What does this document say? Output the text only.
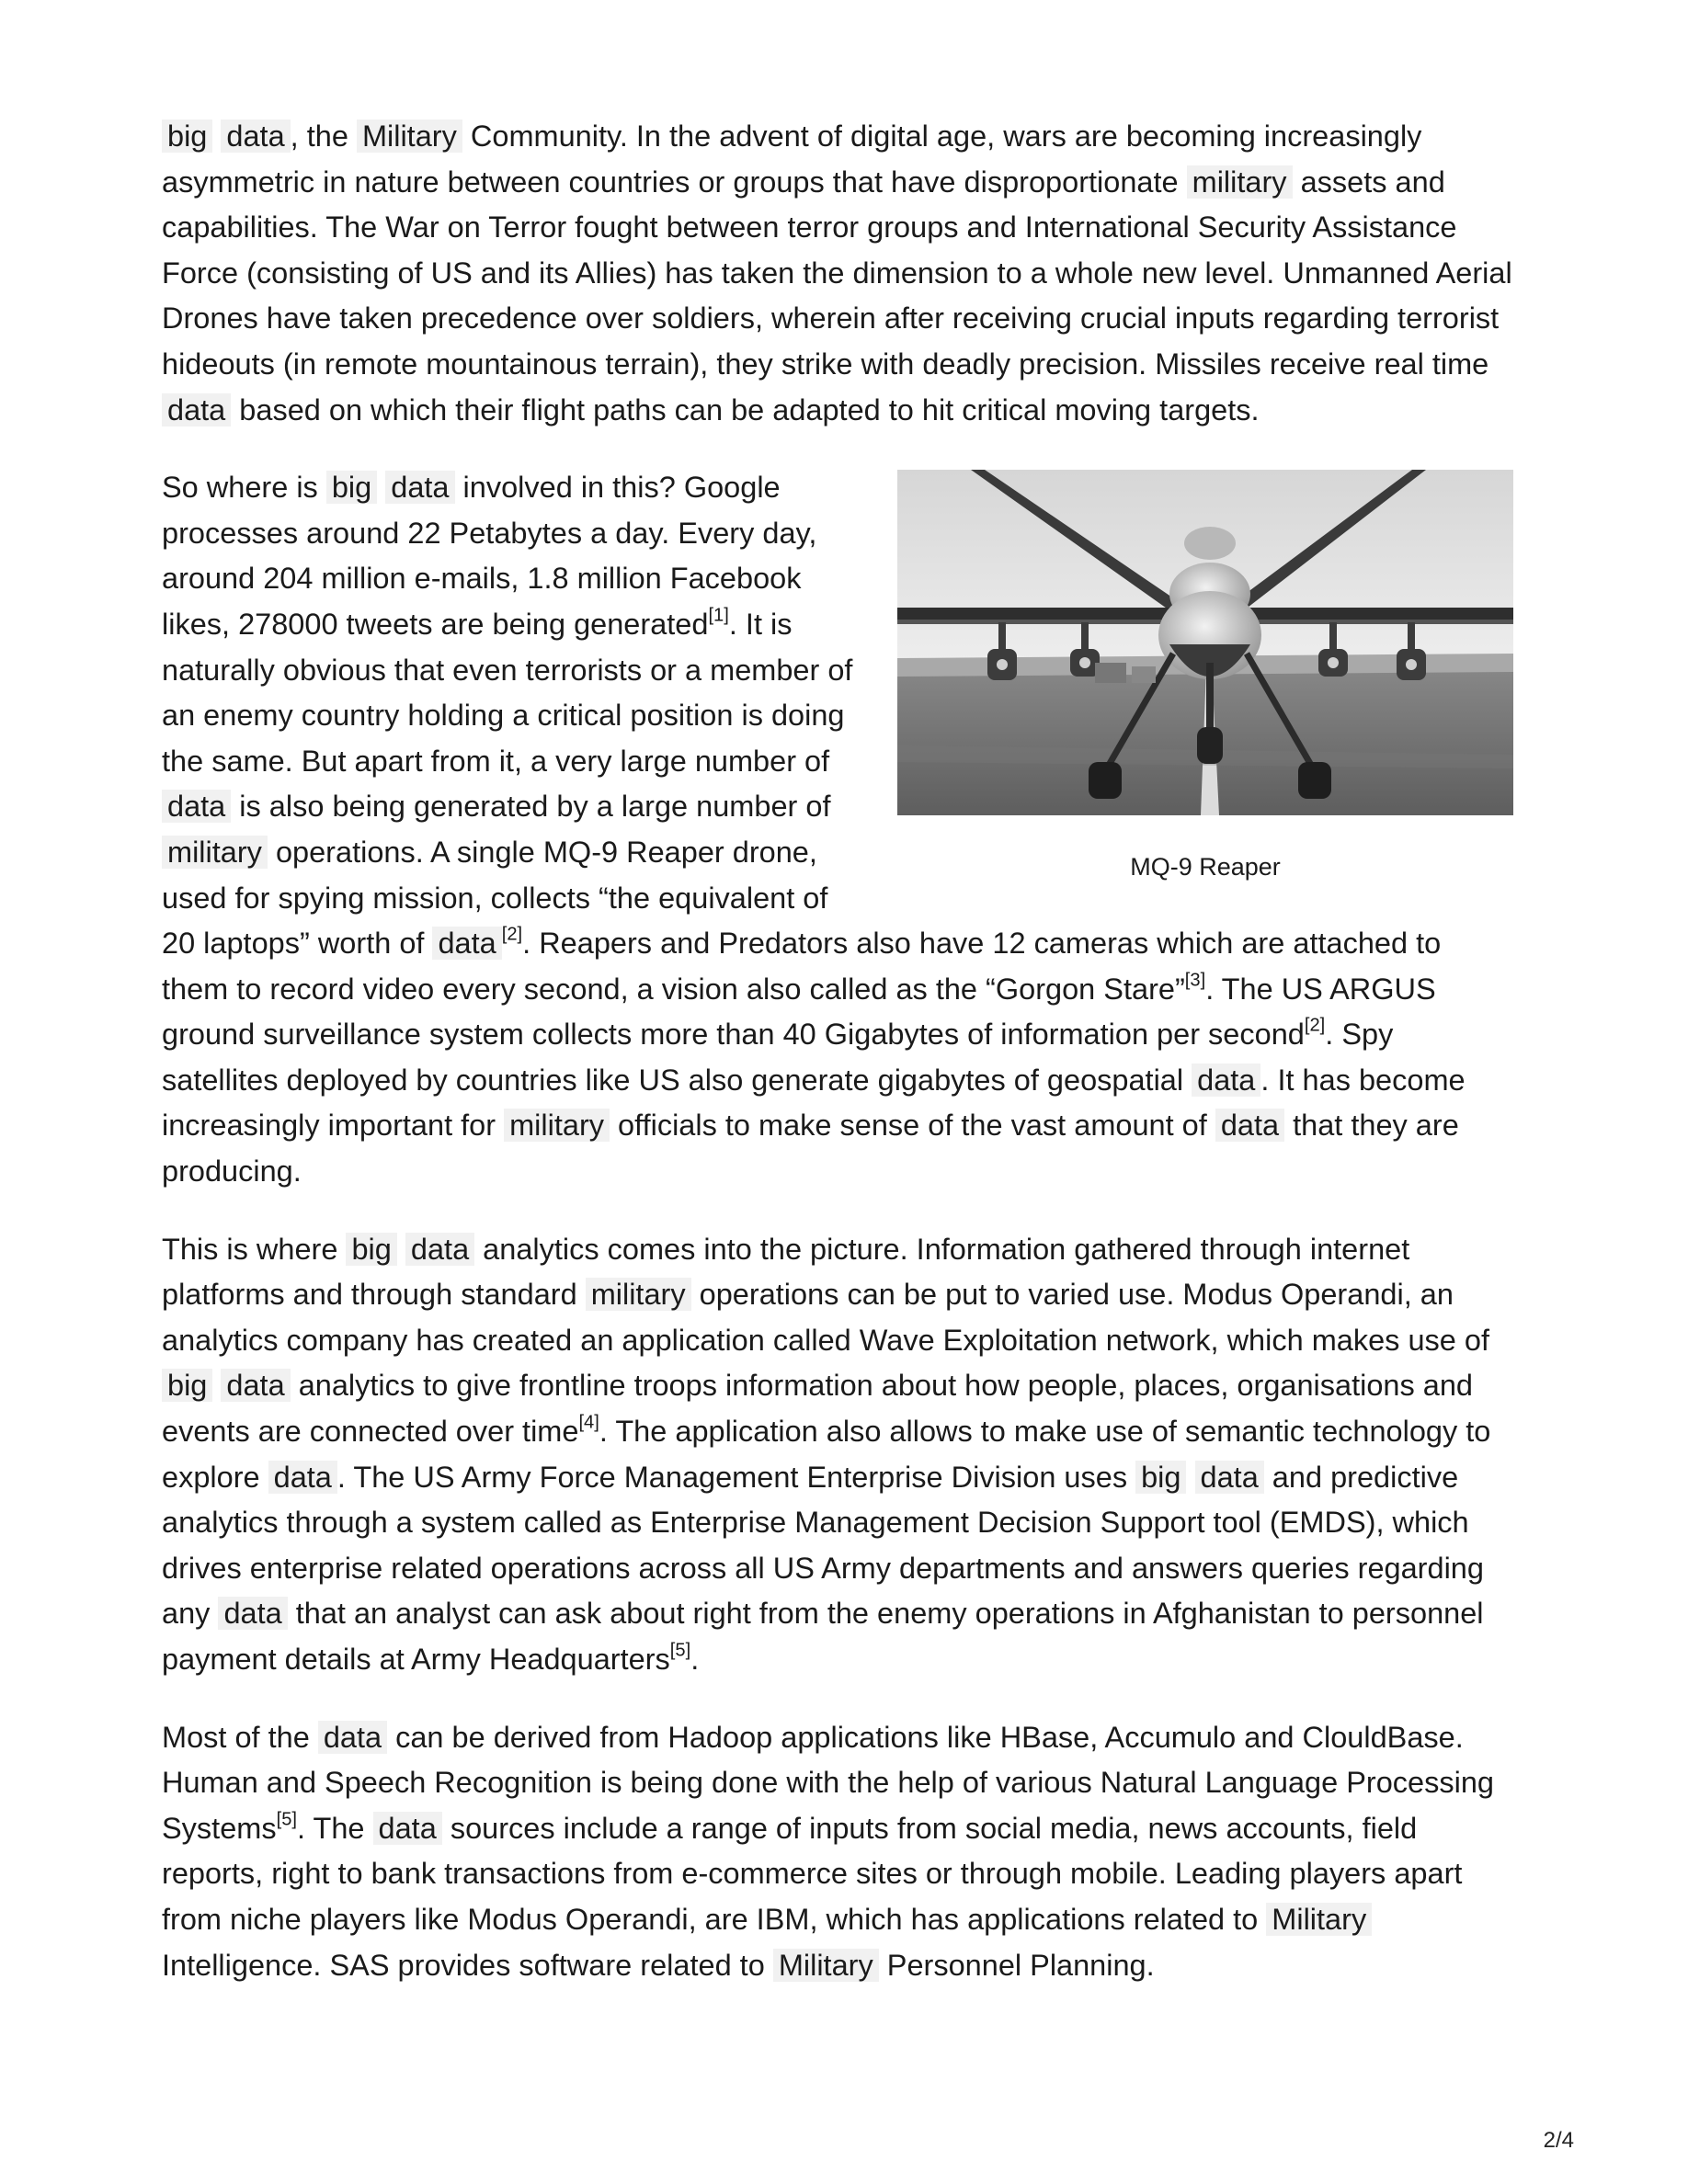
big data , the Military Community. In the advent of digital age, wars are becoming increasingly asymmetric in nature between countries or groups that have disproportionate military assets and capabilities. The War on Terror fought between terror groups and International Security Assistance Force (consisting of US and its Allies) has taken the dimension to a whole new level. Unmanned Aerial Drones have taken precedence over soldiers, wherein after receiving crucial inputs regarding terrorist hideouts (in remote mountainous terrain), they strike with deadly precision. Missiles receive real time data based on which their flight paths can be adapted to hit critical moving targets.

MQ-9 Reaper

So where is big data involved in this? Google processes around 22 Petabytes a day. Every day, around 204 million e-mails, 1.8 million Facebook likes, 278000 tweets are being generated[1]. It is naturally obvious that even terrorists or a member of an enemy country holding a critical position is doing the same. But apart from it, a very large number of data is also being generated by a large number of military operations. A single MQ-9 Reaper drone, used for spying mission, collects “the equivalent of 20 laptops” worth of data [2]. Reapers and Predators also have 12 cameras which are attached to them to record video every second, a vision also called as the “Gorgon Stare”[3]. The US ARGUS ground surveillance system collects more than 40 Gigabytes of information per second[2]. Spy satellites deployed by countries like US also generate gigabytes of geospatial data . It has become increasingly important for military officials to make sense of the vast amount of data that they are producing.

This is where big data analytics comes into the picture. Information gathered through internet platforms and through standard military operations can be put to varied use. Modus Operandi, an analytics company has created an application called Wave Exploitation network, which makes use of big data analytics to give frontline troops information about how people, places, organisations and events are connected over time[4]. The application also allows to make use of semantic technology to explore data . The US Army Force Management Enterprise Division uses big data and predictive analytics through a system called as Enterprise Management Decision Support tool (EMDS), which drives enterprise related operations across all US Army departments and answers queries regarding any data that an analyst can ask about right from the enemy operations in Afghanistan to personnel payment details at Army Headquarters[5].

Most of the data can be derived from Hadoop applications like HBase, Accumulo and ClouldBase. Human and Speech Recognition is being done with the help of various Natural Language Processing Systems[5]. The data sources include a range of inputs from social media, news accounts, field reports, right to bank transactions from e-commerce sites or through mobile. Leading players apart from niche players like Modus Operandi, are IBM, which has applications related to Military Intelligence. SAS provides software related to Military Personnel Planning.

2/4
